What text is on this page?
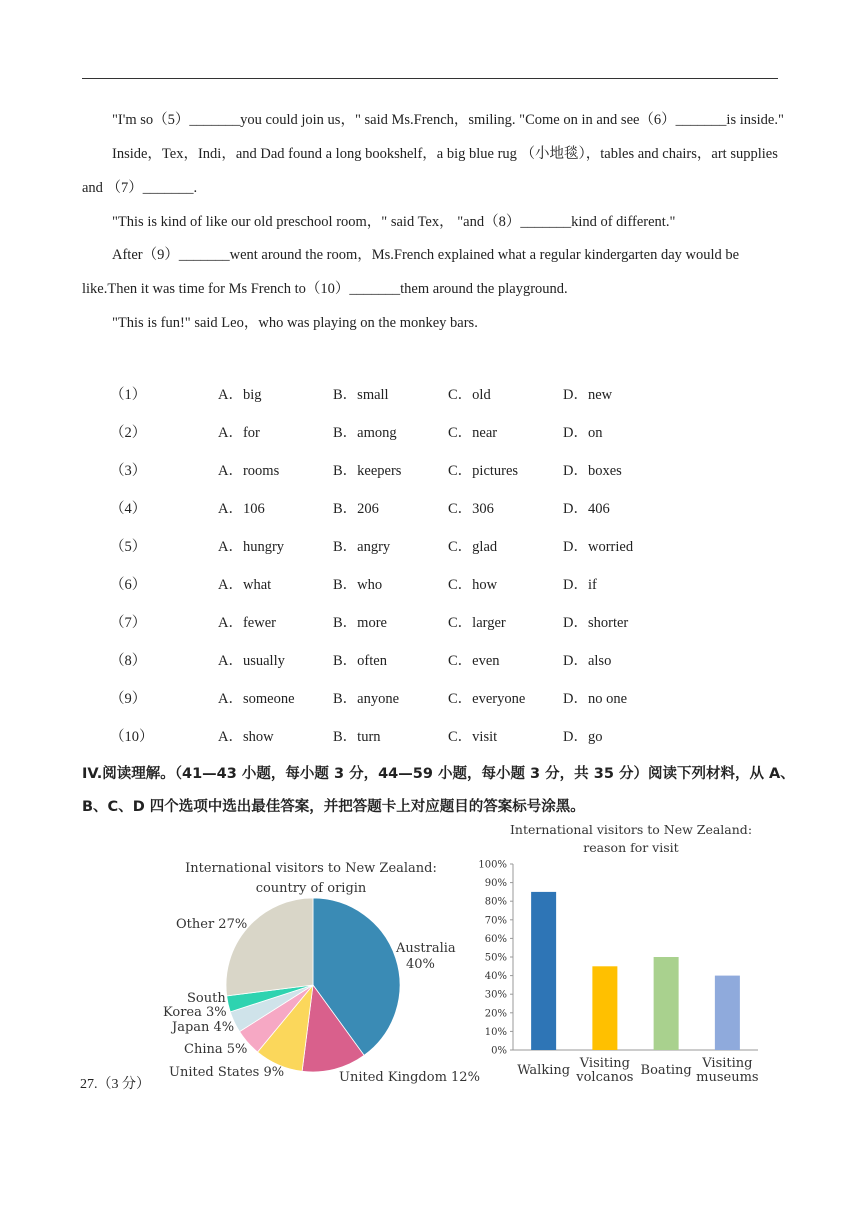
"I'm so（5）_______you could join us，" said Ms.French，smiling. "Come on in and see（6）_______is inside."
Inside，Tex，Indi，and Dad found a long bookshelf，a big blue rug （小地毯），tables and chairs，art supplies
and （7）_______.
"This is kind of like our old preschool room，" said Tex， "and（8）_______kind of different."
After（9）_______went around the room，Ms.French explained what a regular kindergarten day would be
like.Then it was time for Ms French to（10）_______them around the playground.
"This is fun!" said Leo，who was playing on the monkey bars.
（1）	A．big	B．small	C．old	D．new
（2）	A．for	B．among	C．near	D．on
（3）	A．rooms	B．keepers	C．pictures	D．boxes
（4）	A．106	B．206	C．306	D．406
（5）	A．hungry	B．angry	C．glad	D．worried
（6）	A．what	B．who	C．how	D．if
（7）	A．fewer	B．more	C．larger	D．shorter
（8）	A．usually	B．often	C．even	D．also
（9）	A．someone	B．anyone	C．everyone	D．no one
（10）	A．show	B．turn	C．visit	D．go
IV.阅读理解。（41—43 小题，每小题 3 分，44—59 小题，每小题 3 分，共 35 分）阅读下列材料，从 A、
B、C、D 四个选项中选出最佳答案，并把答题卡上对应题目的答案标号涂黑。
27.（3 分）
International visitors to New Zealand:
country of origin
Australia
40%
United Kingdom 12%
United States 9%
China 5%
Japan 4%
South
Korea 3%
Other 27%
International visitors to New Zealand:
reason for visit
0%
10%
20%
30%
40%
50%
60%
70%
80%
90%
100%
Walking Visiting
volcanos Boating Visiting
museums
